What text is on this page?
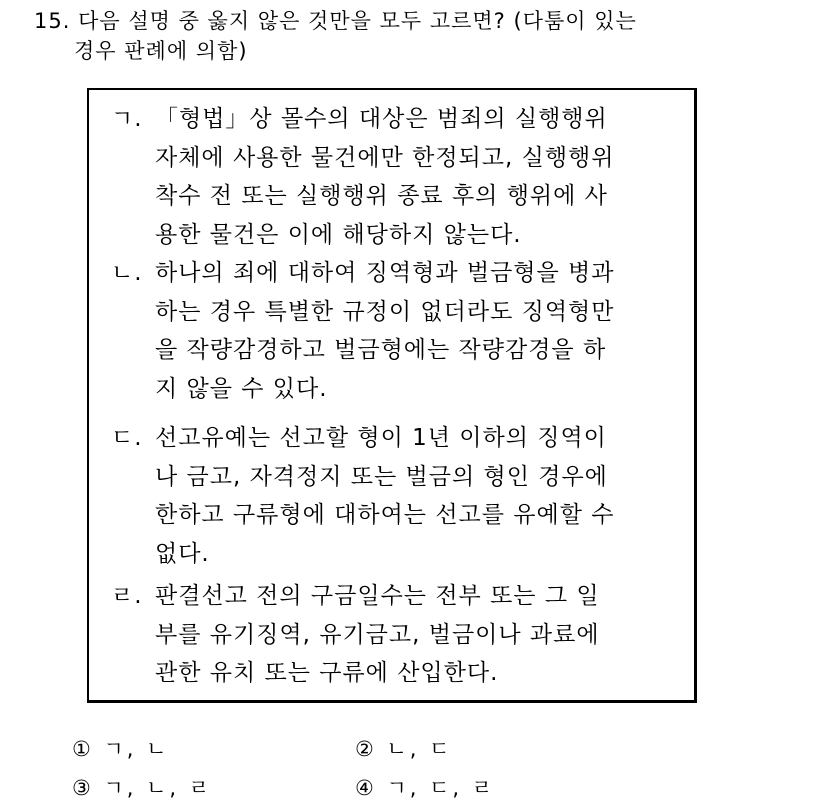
15. 다음 설명 중 옳지 않은 것만을 모두 고르면? (다툼이 있는
경우 판례에 의함)
ㄱ. 「형법」상 몰수의 대상은 범죄의 실행행위
자체에 사용한 물건에만 한정되고, 실행행위
착수 전 또는 실행행위 종료 후의 행위에 사
용한 물건은 이에 해당하지 않는다.
ㄴ. 하나의 죄에 대하여 징역형과 벌금형을 병과
하는 경우 특별한 규정이 없더라도 징역형만
을 작량감경하고 벌금형에는 작량감경을 하
지 않을 수 있다.
ㄷ. 선고유예는 선고할 형이 1년 이하의 징역이
나 금고, 자격정지 또는 벌금의 형인 경우에
한하고 구류형에 대하여는 선고를 유예할 수
없다.
ㄹ. 판결선고 전의 구금일수는 전부 또는 그 일
부를 유기징역, 유기금고, 벌금이나 과료에
관한 유치 또는 구류에 산입한다.
① ㄱ, ㄴ	② ㄴ, ㄷ
③ ㄱ, ㄴ, ㄹ	④ ㄱ, ㄷ, ㄹ
